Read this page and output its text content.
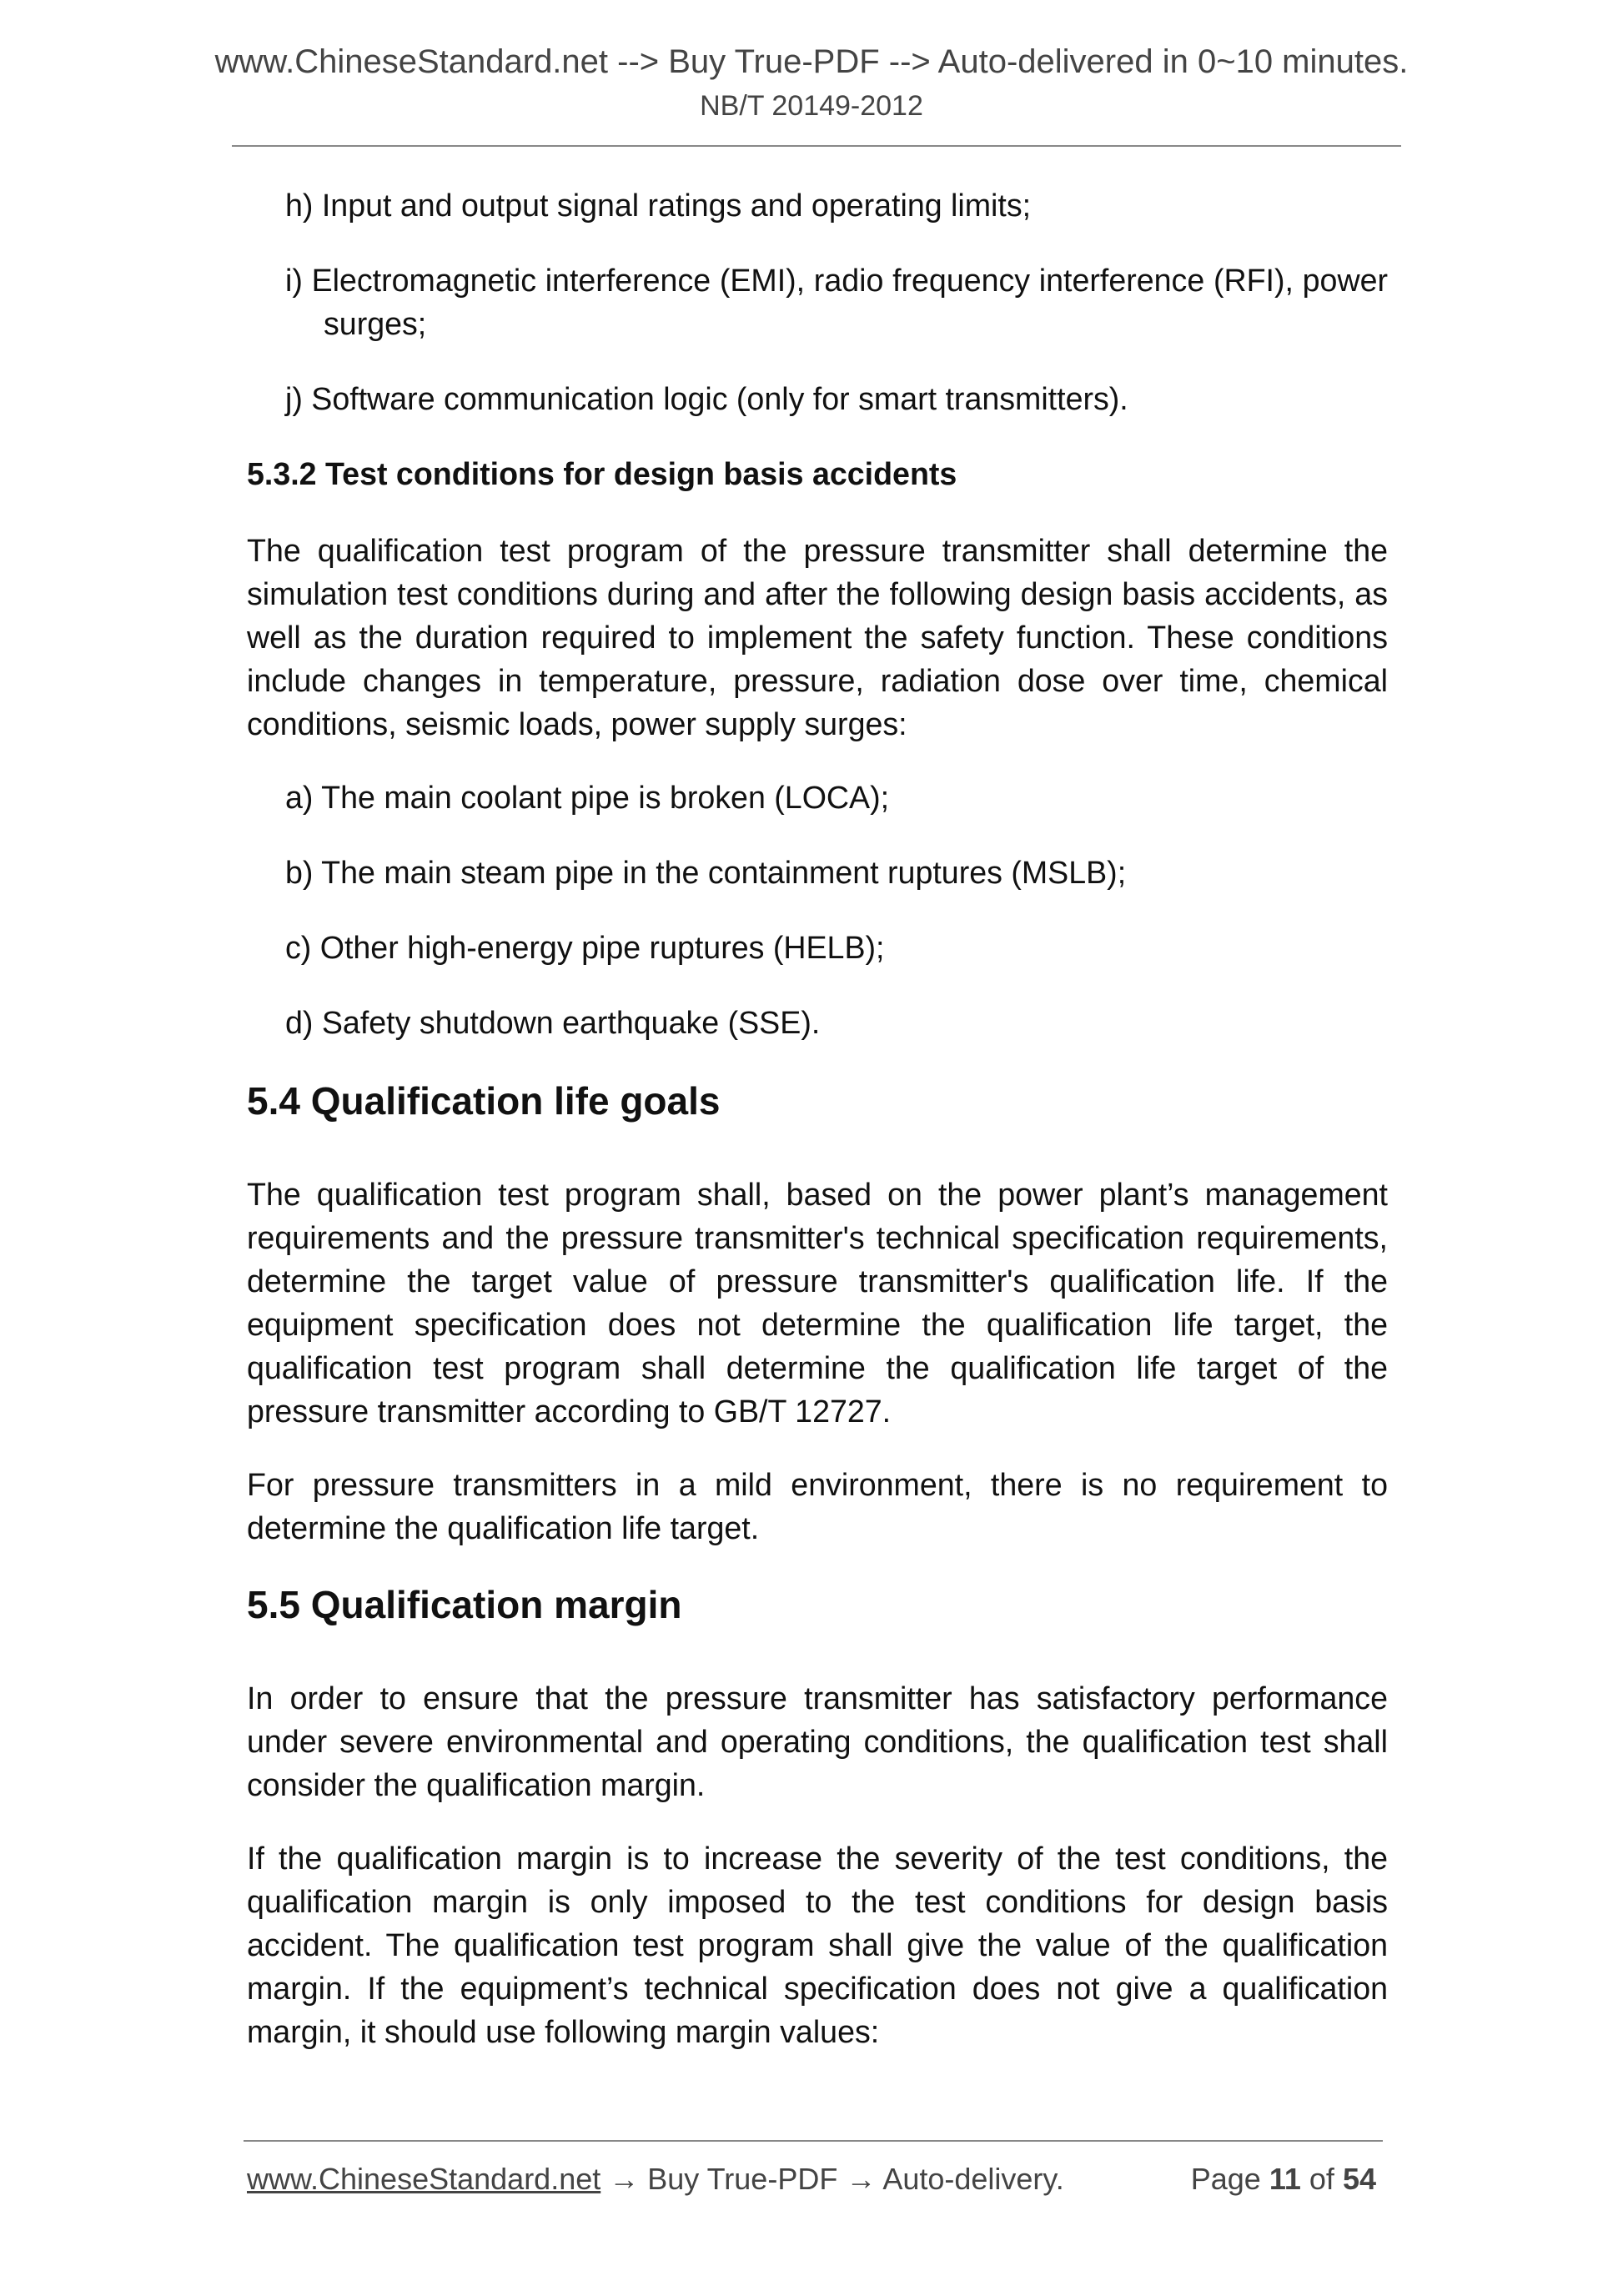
www.ChineseStandard.net --> Buy True-PDF --> Auto-delivered in 0~10 minutes.
NB/T 20149-2012
h) Input and output signal ratings and operating limits;
i) Electromagnetic interference (EMI), radio frequency interference (RFI), power surges;
j) Software communication logic (only for smart transmitters).
5.3.2 Test conditions for design basis accidents

The qualification test program of the pressure transmitter shall determine the simulation test conditions during and after the following design basis accidents, as well as the duration required to implement the safety function. These conditions include changes in temperature, pressure, radiation dose over time, chemical conditions, seismic loads, power supply surges:

a) The main coolant pipe is broken (LOCA);
b) The main steam pipe in the containment ruptures (MSLB);
c) Other high-energy pipe ruptures (HELB);
d) Safety shutdown earthquake (SSE).
5.4 Qualification life goals

The qualification test program shall, based on the power plant’s management requirements and the pressure transmitter's technical specification requirements, determine the target value of pressure transmitter's qualification life. If the equipment specification does not determine the qualification life target, the qualification test program shall determine the qualification life target of the pressure transmitter according to GB/T 12727.

For pressure transmitters in a mild environment, there is no requirement to determine the qualification life target.

5.5 Qualification margin

In order to ensure that the pressure transmitter has satisfactory performance under severe environmental and operating conditions, the qualification test shall consider the qualification margin.

If the qualification margin is to increase the severity of the test conditions, the qualification margin is only imposed to the test conditions for design basis accident. The qualification test program shall give the value of the qualification margin. If the equipment’s technical specification does not give a qualification margin, it should use following margin values:

www.ChineseStandard.net → Buy True-PDF → Auto-delivery.	Page 11 of 54
